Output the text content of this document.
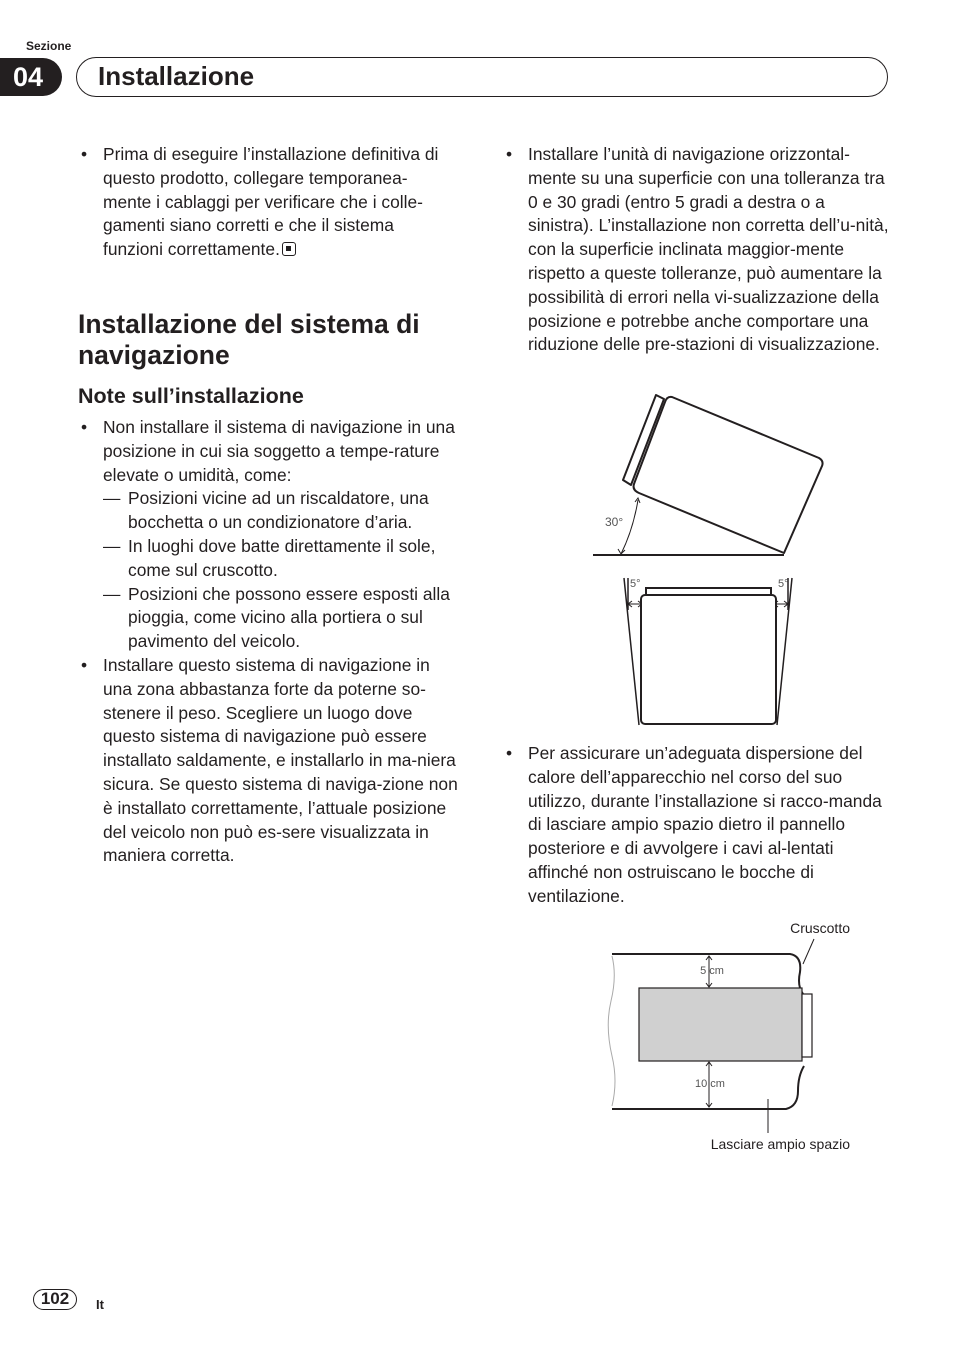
Sezione
04	Installazione

• Prima di eseguire l’installazione definitiva di questo prodotto, collegare temporanea-mente i cablaggi per verificare che i colle-gamenti siano corretti e che il sistema funzioni correttamente.

Installazione del sistema di navigazione
Note sull’installazione

• Non installare il sistema di navigazione in una posizione in cui sia soggetto a tempe-rature elevate o umidità, come:

— Posizioni vicine ad un riscaldatore, una bocchetta o un condizionatore d’aria.

— In luoghi dove batte direttamente il sole, come sul cruscotto.

— Posizioni che possono essere esposti alla pioggia, come vicino alla portiera o sul pavimento del veicolo.

• Installare questo sistema di navigazione in una zona abbastanza forte da poterne so-stenere il peso. Scegliere un luogo dove questo sistema di navigazione può essere installato saldamente, e installarlo in ma-niera sicura. Se questo sistema di naviga-zione non è installato correttamente, l’attuale posizione del veicolo non può es-sere visualizzata in maniera corretta.

• Installare l’unità di navigazione orizzontal-mente su una superficie con una tolleranza tra 0 e 30 gradi (entro 5 gradi a destra o a sinistra). L’installazione non corretta dell’u-nità, con la superficie inclinata maggior-mente rispetto a queste tolleranze, può aumentare la possibilità di errori nella vi-sualizzazione della posizione e potrebbe anche comportare una riduzione delle pre-stazioni di visualizzazione.

• Per assicurare un’adeguata dispersione del calore dell’apparecchio nel corso del suo utilizzo, durante l’installazione si racco-manda di lasciare ampio spazio dietro il pannello posteriore e di avvolgere i cavi al-lentati affinché non ostruiscano le bocche di ventilazione.

30°
5°	5°
Cruscotto
5 cm
10 cm
Lasciare ampio spazio
102	It
